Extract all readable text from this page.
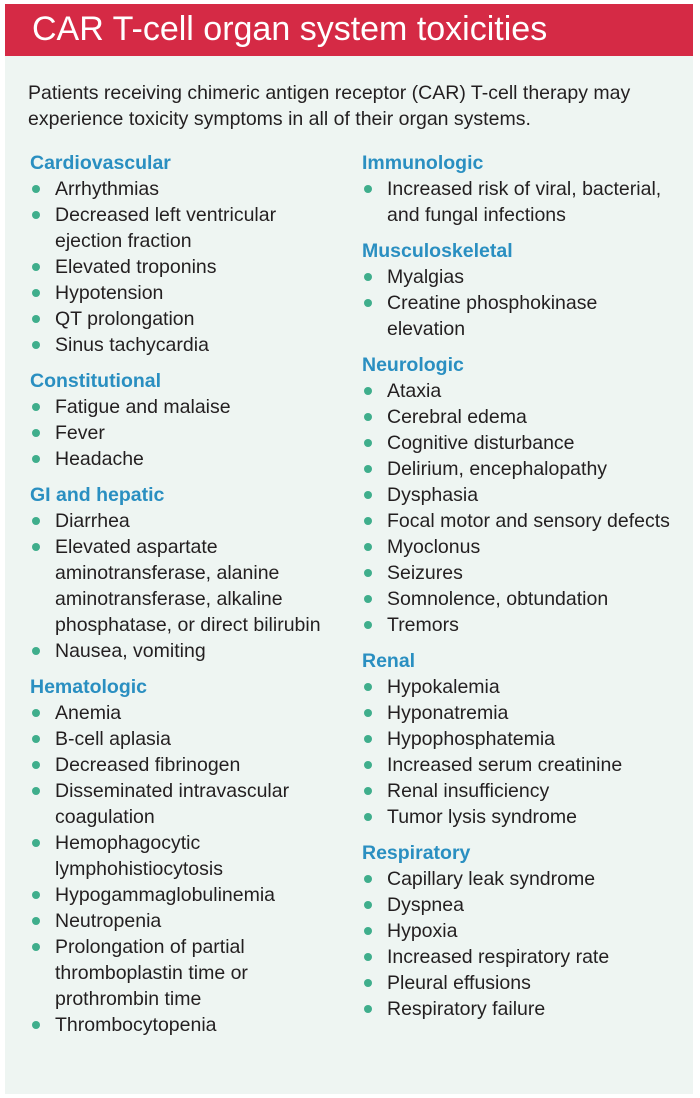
CAR T-cell organ system toxicities
Patients receiving chimeric antigen receptor (CAR) T-cell therapy may experience toxicity symptoms in all of their organ systems.
Cardiovascular
Arrhythmias
Decreased left ventricular ejection fraction
Elevated troponins
Hypotension
QT prolongation
Sinus tachycardia
Constitutional
Fatigue and malaise
Fever
Headache
GI and hepatic
Diarrhea
Elevated aspartate aminotransferase, alanine aminotransferase, alkaline phosphatase, or direct bilirubin
Nausea, vomiting
Hematologic
Anemia
B-cell aplasia
Decreased fibrinogen
Disseminated intravascular coagulation
Hemophagocytic lymphohistiocytosis
Hypogammaglobulinemia
Neutropenia
Prolongation of partial thromboplastin time or prothrombin time
Thrombocytopenia
Immunologic
Increased risk of viral, bacterial, and fungal infections
Musculoskeletal
Myalgias
Creatine phosphokinase elevation
Neurologic
Ataxia
Cerebral edema
Cognitive disturbance
Delirium, encephalopathy
Dysphasia
Focal motor and sensory defects
Myoclonus
Seizures
Somnolence, obtundation
Tremors
Renal
Hypokalemia
Hyponatremia
Hypophosphatemia
Increased serum creatinine
Renal insufficiency
Tumor lysis syndrome
Respiratory
Capillary leak syndrome
Dyspnea
Hypoxia
Increased respiratory rate
Pleural effusions
Respiratory failure
